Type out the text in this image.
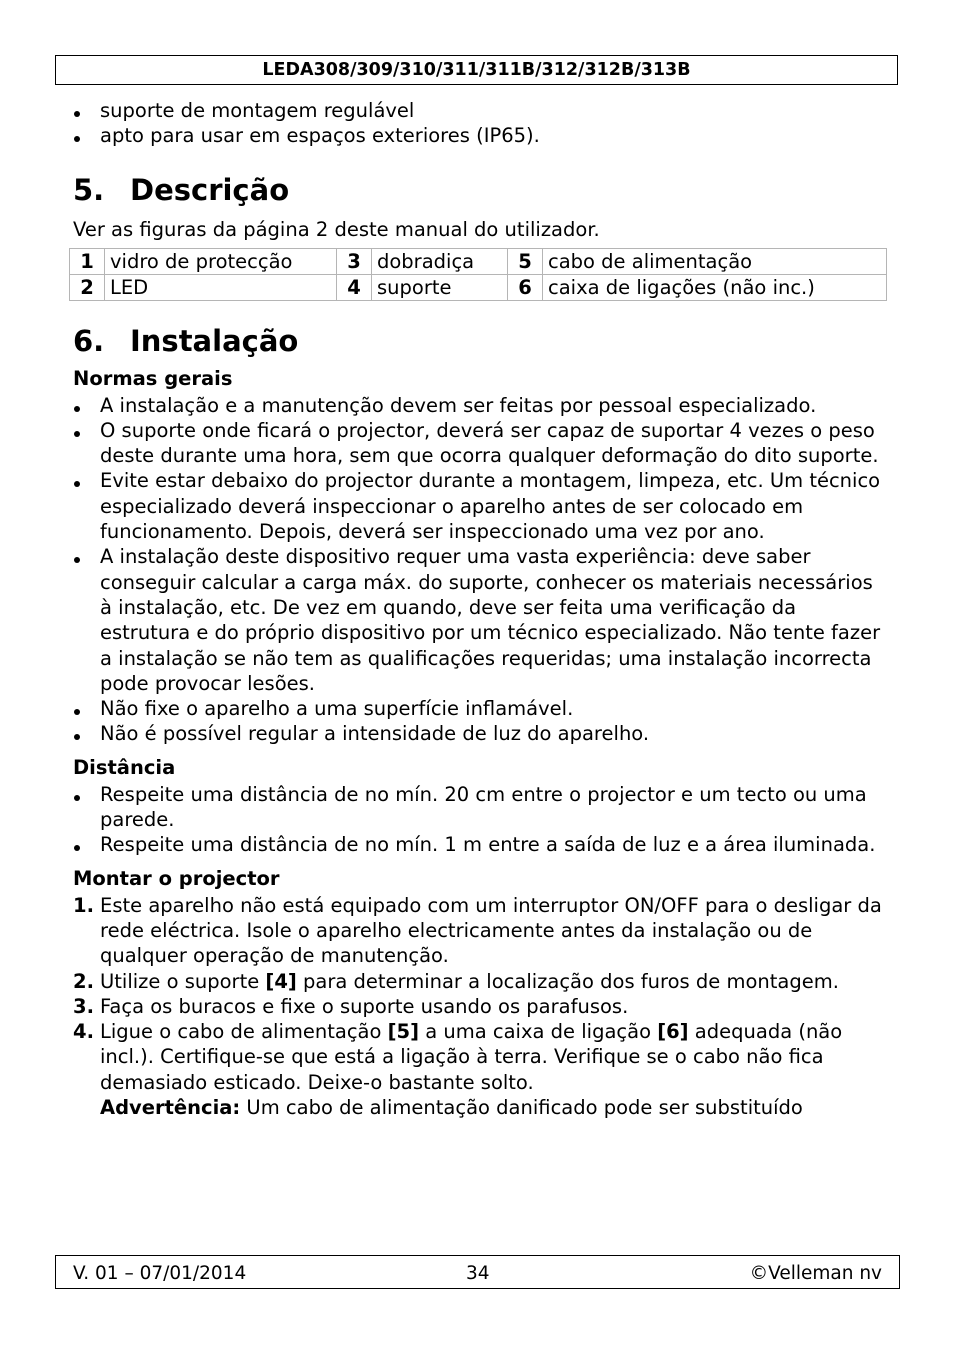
LEDA308/309/310/311/311B/312/312B/313B
suporte de montagem regulável
apto para usar em espaços exteriores (IP65).
5. Descrição

Ver as figuras da página 2 deste manual do utilizador.

1	vidro de protecção	3	dobradiça	5	cabo de alimentação
2	LED	4	suporte	6	caixa de ligações (não inc.)
6. Instalação
Normas gerais
A instalação e a manutenção devem ser feitas por pessoal especializado.
O suporte onde ficará o projector, deverá ser capaz de suportar 4 vezes o peso deste durante uma hora, sem que ocorra qualquer deformação do dito suporte.
Evite estar debaixo do projector durante a montagem, limpeza, etc. Um técnico especializado deverá inspeccionar o aparelho antes de ser colocado em funcionamento. Depois, deverá ser inspeccionado uma vez por ano.
A instalação deste dispositivo requer uma vasta experiência: deve saber conseguir calcular a carga máx. do suporte, conhecer os materiais necessários à instalação, etc. De vez em quando, deve ser feita uma verificação da estrutura e do próprio dispositivo por um técnico especializado. Não tente fazer a instalação se não tem as qualificações requeridas; uma instalação incorrecta pode provocar lesões.
Não fixe o aparelho a uma superfície inflamável.
Não é possível regular a intensidade de luz do aparelho.
Distância
Respeite uma distância de no mín. 20 cm entre o projector e um tecto ou uma parede.
Respeite uma distância de no mín. 1 m entre a saída de luz e a área iluminada.
Montar o projector
1. Este aparelho não está equipado com um interruptor ON/OFF para o desligar da rede eléctrica. Isole o aparelho electricamente antes da instalação ou de qualquer operação de manutenção.
2. Utilize o suporte [4] para determinar a localização dos furos de montagem.
3. Faça os buracos e fixe o suporte usando os parafusos.
4. Ligue o cabo de alimentação [5] a uma caixa de ligação [6] adequada (não incl.). Certifique-se que está a ligação à terra. Verifique se o cabo não fica demasiado esticado. Deixe-o bastante solto.
Advertência: Um cabo de alimentação danificado pode ser substituído
V. 01 – 07/01/2014	34	©Velleman nv
